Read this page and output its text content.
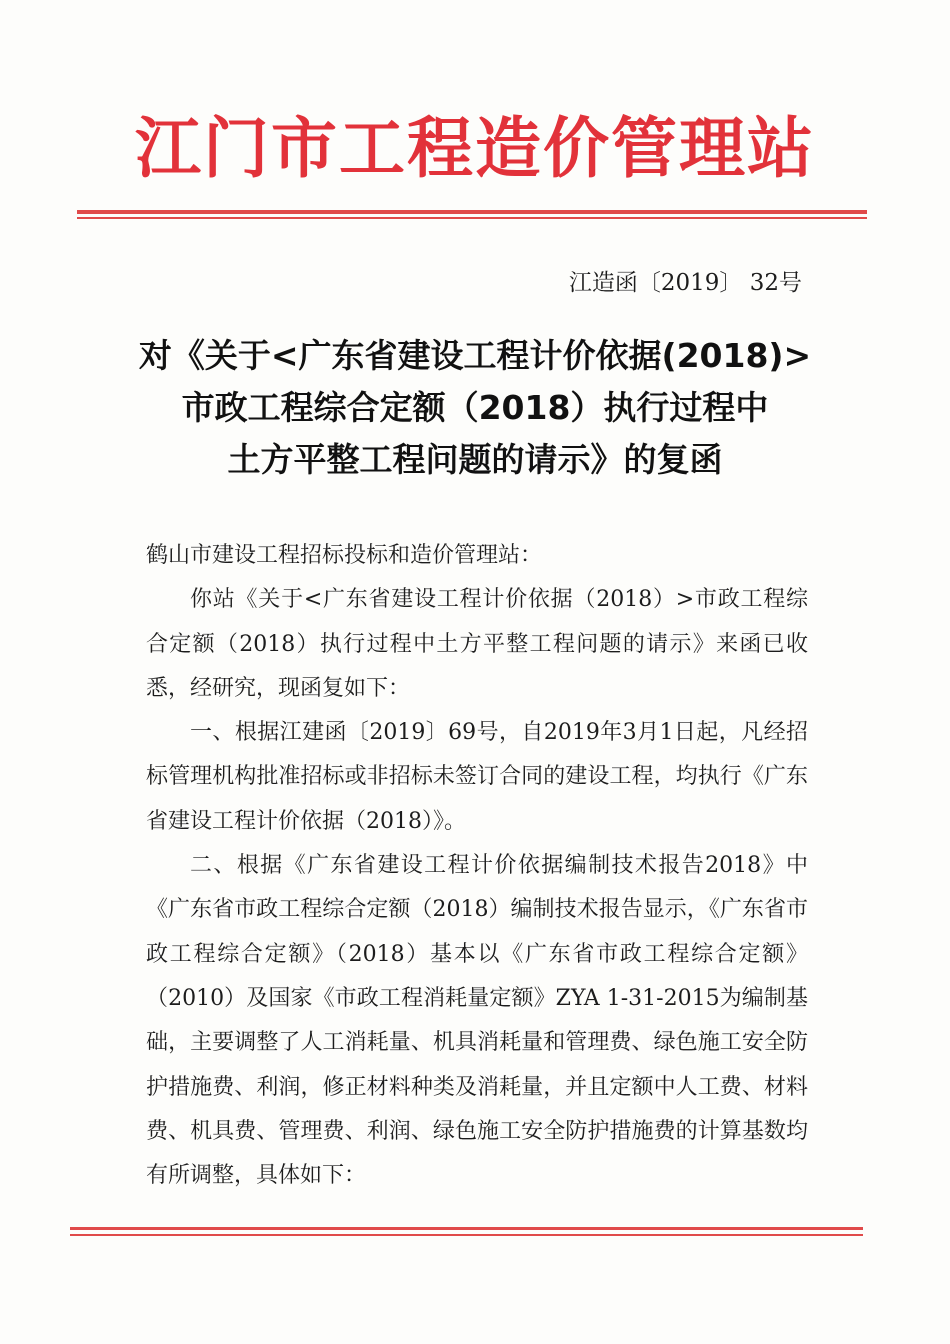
江门市工程造价管理站
江造函〔2019〕 32号
对《关于<广东省建设工程计价依据(2018)>
市政工程综合定额（2018）执行过程中
土方平整工程问题的请示》的复函

鹤山市建设工程招标投标和造价管理站：

你站《关于<广东省建设工程计价依据（2018）>市政工程综合定额（2018）执行过程中土方平整工程问题的请示》来函已收悉，经研究，现函复如下：

一、根据江建函〔2019〕69号，自2019年3月1日起，凡经招标管理机构批准招标或非招标未签订合同的建设工程，均执行《广东省建设工程计价依据（2018）》。

二、根据《广东省建设工程计价依据编制技术报告2018》中《广东省市政工程综合定额（2018）编制技术报告显示，《广东省市政工程综合定额》（2018）基本以《广东省市政工程综合定额》（2010）及国家《市政工程消耗量定额》ZYA 1-31-2015为编制基础，主要调整了人工消耗量、机具消耗量和管理费、绿色施工安全防护措施费、利润，修正材料种类及消耗量，并且定额中人工费、材料费、机具费、管理费、利润、绿色施工安全防护措施费的计算基数均有所调整，具体如下：
